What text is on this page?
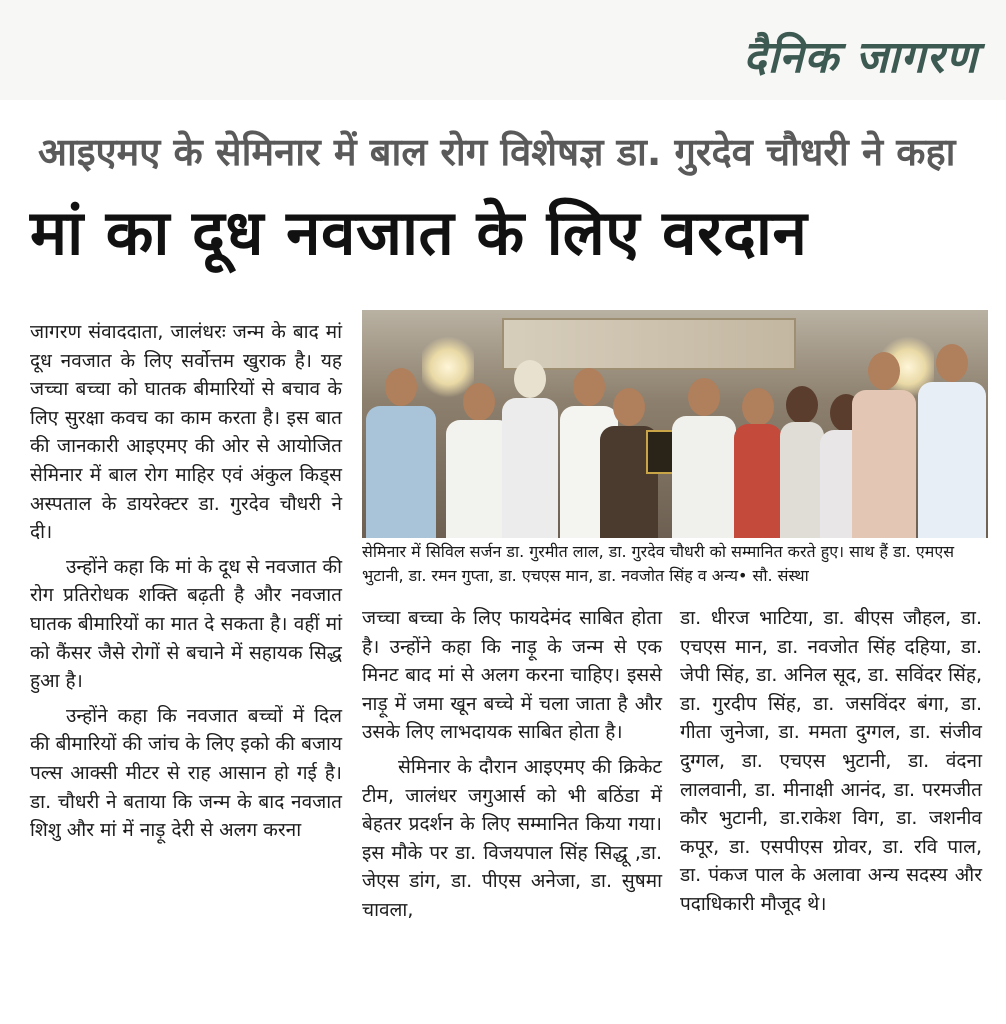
दैनिक जागरण
आइएमए के सेमिनार में बाल रोग विशेषज्ञ डा. गुरदेव चौधरी ने कहा
मां का दूध नवजात के लिए वरदान

जागरण संवाददाता, जालंधरः जन्म के बाद मां दूध नवजात के लिए सर्वोत्तम खुराक है। यह जच्चा बच्चा को घातक बीमारियों से बचाव के लिए सुरक्षा कवच का काम करता है। इस बात की जानकारी आइएमए की ओर से आयोजित सेमिनार में बाल रोग माहिर एवं अंकुल किड्स अस्पताल के डायरेक्टर डा. गुरदेव चौधरी ने दी।

उन्होंने कहा कि मां के दूध से नवजात की रोग प्रतिरोधक शक्ति बढ़ती है और नवजात घातक बीमारियों का मात दे सकता है। वहीं मां को कैंसर जैसे रोगों से बचाने में सहायक सिद्ध हुआ है।

उन्होंने कहा कि नवजात बच्चों में दिल की बीमारियों की जांच के लिए इको की बजाय पल्स आक्सी मीटर से राह आसान हो गई है। डा. चौधरी ने बताया कि जन्म के बाद नवजात शिशु और मां में नाड़ू देरी से अलग करना

सेमिनार में सिविल सर्जन डा. गुरमीत लाल, डा. गुरदेव चौधरी को सम्मानित करते हुए। साथ हैं डा. एमएस भुटानी, डा. रमन गुप्ता, डा. एचएस मान, डा. नवजोत सिंह व अन्य• सौ. संस्था

जच्चा बच्चा के लिए फायदेमंद साबित होता है। उन्होंने कहा कि नाड़ू के जन्म से एक मिनट बाद मां से अलग करना चाहिए। इससे नाड़ू में जमा खून बच्चे में चला जाता है और उसके लिए लाभदायक साबित होता है।

सेमिनार के दौरान आइएमए की क्रिकेट टीम, जालंधर जगुआर्स को भी बठिंडा में बेहतर प्रदर्शन के लिए सम्मानित किया गया। इस मौके पर डा. विजयपाल सिंह सिद्धू ,डा. जेएस डांग, डा. पीएस अनेजा, डा. सुषमा चावला,

डा. धीरज भाटिया, डा. बीएस जौहल, डा. एचएस मान, डा. नवजोत सिंह दहिया, डा. जेपी सिंह, डा. अनिल सूद, डा. सविंदर सिंह, डा. गुरदीप सिंह, डा. जसविंदर बंगा, डा. गीता जुनेजा, डा. ममता दुग्गल, डा. संजीव दुग्गल, डा. एचएस भुटानी, डा. वंदना लालवानी, डा. मीनाक्षी आनंद, डा. परमजीत कौर भुटानी, डा.राकेश विग, डा. जशनीव कपूर, डा. एसपीएस ग्रोवर, डा. रवि पाल, डा. पंकज पाल के अलावा अन्य सदस्य और पदाधिकारी मौजूद थे।
